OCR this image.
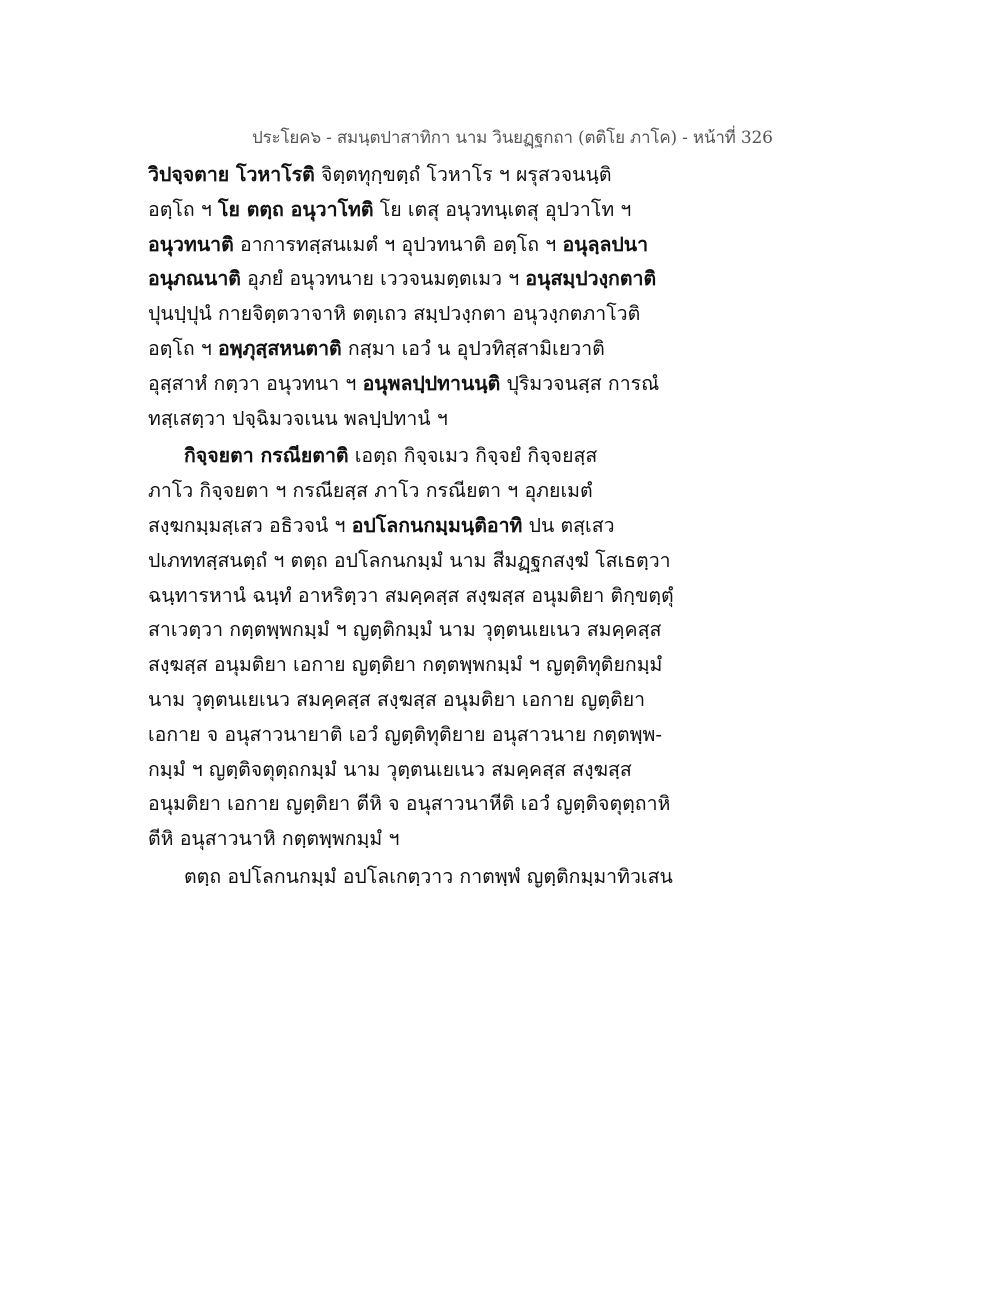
ประโยค๖ - สมนฺตปาสาทิกา นาม วินยฏฺฐกถา (ตติโย ภาโค) - หน้าที่ 326
วิปจฺจตาย โวหาโรติ จิตฺตทุกฺขตฺถํ โวหาโร ฯ ผรุสวจนนฺติ
อตฺโถ ฯ โย ตตฺถ อนุวาโทติ โย เตสุ อนุวทนฺเตสุ อุปวาโท ฯ
อนุวทนาติ อาการทสฺสนเมตํ ฯ อุปวทนาติ อตฺโถ ฯ อนุลฺลปนา
อนุภณนาติ อุภยํ อนุวทนาย เววจนมตฺตเมว ฯ อนุสมฺปวงฺกตาติ
ปุนปฺปุนํ กายจิตฺตวาจาหิ ตตฺเถว สมฺปวงฺกตา อนุวงฺกตภาโวติ
อตฺโถ ฯ อพฺภุสฺสหนตาติ กสฺมา เอวํ น อุปวทิสฺสามิเยวาติ
อุสฺสาหํ กตฺวา อนุวทนา ฯ อนุพลปฺปทานนฺติ ปุริมวจนสฺส การณํ
ทสฺเสตฺวา ปจฺฉิมวจเนน พลปฺปทานํ ฯ
กิจฺจยตา กรณียตาติ เอตฺถ กิจฺจเมว กิจฺจยํ กิจฺจยสฺส
ภาโว กิจฺจยตา ฯ กรณียสฺส ภาโว กรณียตา ฯ อุภยเมตํ
สงฺฆกมฺมสฺเสว อธิวจนํ ฯ อปโลกนกมฺมนฺติอาทิ ปน ตสฺเสว
ปเภททสฺสนตฺถํ ฯ ตตฺถ อปโลกนกมฺมํ นาม สีมฏฺฐกสงฺฆํ โสเธตฺวา
ฉนฺทารหานํ ฉนฺทํ อาหริตฺวา สมคฺคสฺส สงฺฆสฺส อนุมติยา ติกฺขตฺตุํ
สาเวตฺวา กตฺตพฺพกมฺมํ ฯ ญตฺติกมฺมํ นาม วุตฺตนเยเนว สมคฺคสฺส
สงฺฆสฺส อนุมติยา เอกาย ญตฺติยา กตฺตพฺพกมฺมํ ฯ ญตฺติทุติยกมฺมํ
นาม วุตฺตนเยเนว สมคฺคสฺส สงฺฆสฺส อนุมติยา เอกาย ญตฺติยา
เอกาย จ อนุสาวนายาติ เอวํ ญตฺติทุติยาย อนุสาวนาย กตฺตพฺพ-
กมฺมํ ฯ ญตฺติจตุตฺถกมฺมํ นาม วุตฺตนเยเนว สมคฺคสฺส สงฺฆสฺส
อนุมติยา เอกาย ญตฺติยา ตีหิ จ อนุสาวนาหีติ เอวํ ญตฺติจตุตฺถาหิ
ตีหิ อนุสาวนาหิ กตฺตพฺพกมฺมํ ฯ
ตตฺถ อปโลกนกมฺมํ อปโลเกตฺวาว กาตพฺพํ ญตฺติกมฺมาทิวเสน
